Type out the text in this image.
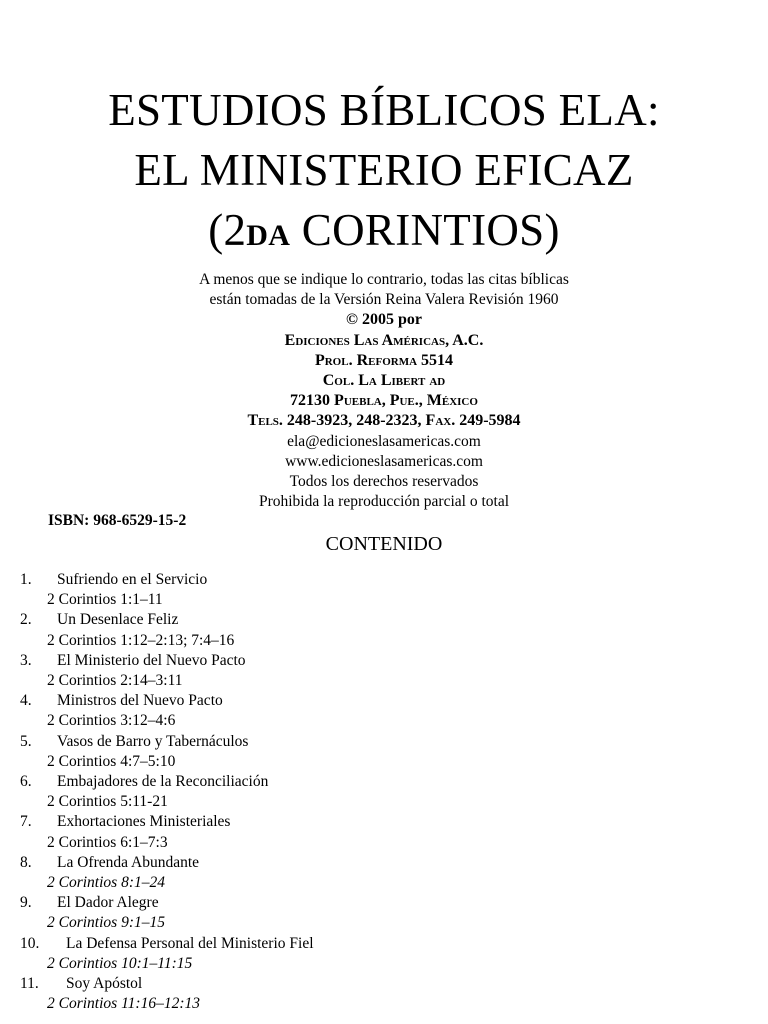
ESTUDIOS BÍBLICOS ELA:
EL MINISTERIO EFICAZ
(2DA CORINTIOS)
A menos que se indique lo contrario, todas las citas bíblicas
están tomadas de la Versión Reina Valera Revisión 1960
© 2005 por
Ediciones Las Américas, A.C.
Prol. Reforma 5514
Col. La Libert ad
72130 Puebla, Pue., México
Tels. 248-3923, 248-2323, Fax. 249-5984
ela@edicioneslasamericas.com
www.edicioneslasamericas.com
Todos los derechos reservados
Prohibida la reproducción parcial o total
ISBN: 968-6529-15-2
CONTENIDO
1. Sufriendo en el Servicio
2 Corintios 1:1–11
2. Un Desenlace Feliz
2 Corintios 1:12–2:13; 7:4–16
3. El Ministerio del Nuevo Pacto
2 Corintios 2:14–3:11
4. Ministros del Nuevo Pacto
2 Corintios 3:12–4:6
5. Vasos de Barro y Tabernáculos
2 Corintios 4:7–5:10
6. Embajadores de la Reconciliación
2 Corintios 5:11-21
7. Exhortaciones Ministeriales
2 Corintios 6:1–7:3
8. La Ofrenda Abundante
2 Corintios 8:1–24
9. El Dador Alegre
2 Corintios 9:1–15
10. La Defensa Personal del Ministerio Fiel
2 Corintios 10:1–11:15
11. Soy Apóstol
2 Corintios 11:16–12:13
